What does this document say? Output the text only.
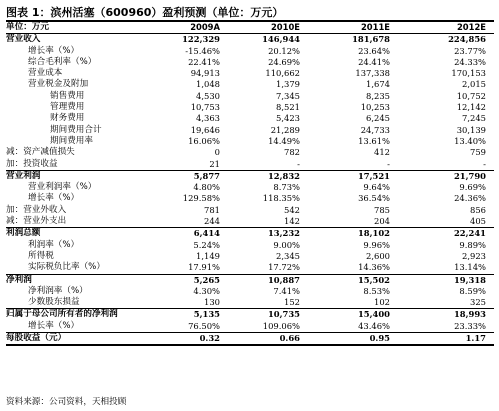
图表 1：滨州活塞（600960）盈利预测（单位：万元）
单位：万元	2009A	2010E	2011E	2012E
营业收入	122,329	146,944	181,678	224,856
增长率（%）	-15.46%	20.12%	23.64%	23.77%
综合毛利率（%）	22.41%	24.69%	24.41%	24.33%
营业成本	94,913	110,662	137,338	170,153
营业税金及附加	1,048	1,379	1,674	2,015
销售费用	4,530	7,345	8,235	10,752
管理费用	10,753	8,521	10,253	12,142
财务费用	4,363	5,423	6,245	7,245
期间费用合计	19,646	21,289	24,733	30,139
期间费用率	16.06%	14.49%	13.61%	13.40%
减：资产减值损失	0	782	412	759
加：投资收益	21	-	-	-
营业利润	5,877	12,832	17,521	21,790
营业利润率（%）	4.80%	8.73%	9.64%	9.69%
增长率（%）	129.58%	118.35%	36.54%	24.36%
加：营业外收入	781	542	785	856
减：营业外支出	244	142	204	405
利润总额	6,414	13,232	18,102	22,241
利润率（%）	5.24%	9.00%	9.96%	9.89%
所得税	1,149	2,345	2,600	2,923
实际税负比率（%）	17.91%	17.72%	14.36%	13.14%
净利润	5,265	10,887	15,502	19,318
净利润率（%）	4.30%	7.41%	8.53%	8.59%
少数股东损益	130	152	102	325
归属于母公司所有者的净利润	5,135	10,735	15,400	18,993
增长率（%）	76.50%	109.06%	43.46%	23.33%
每股收益（元）	0.32	0.66	0.95	1.17
资料来源：公司资料，天相投顾
